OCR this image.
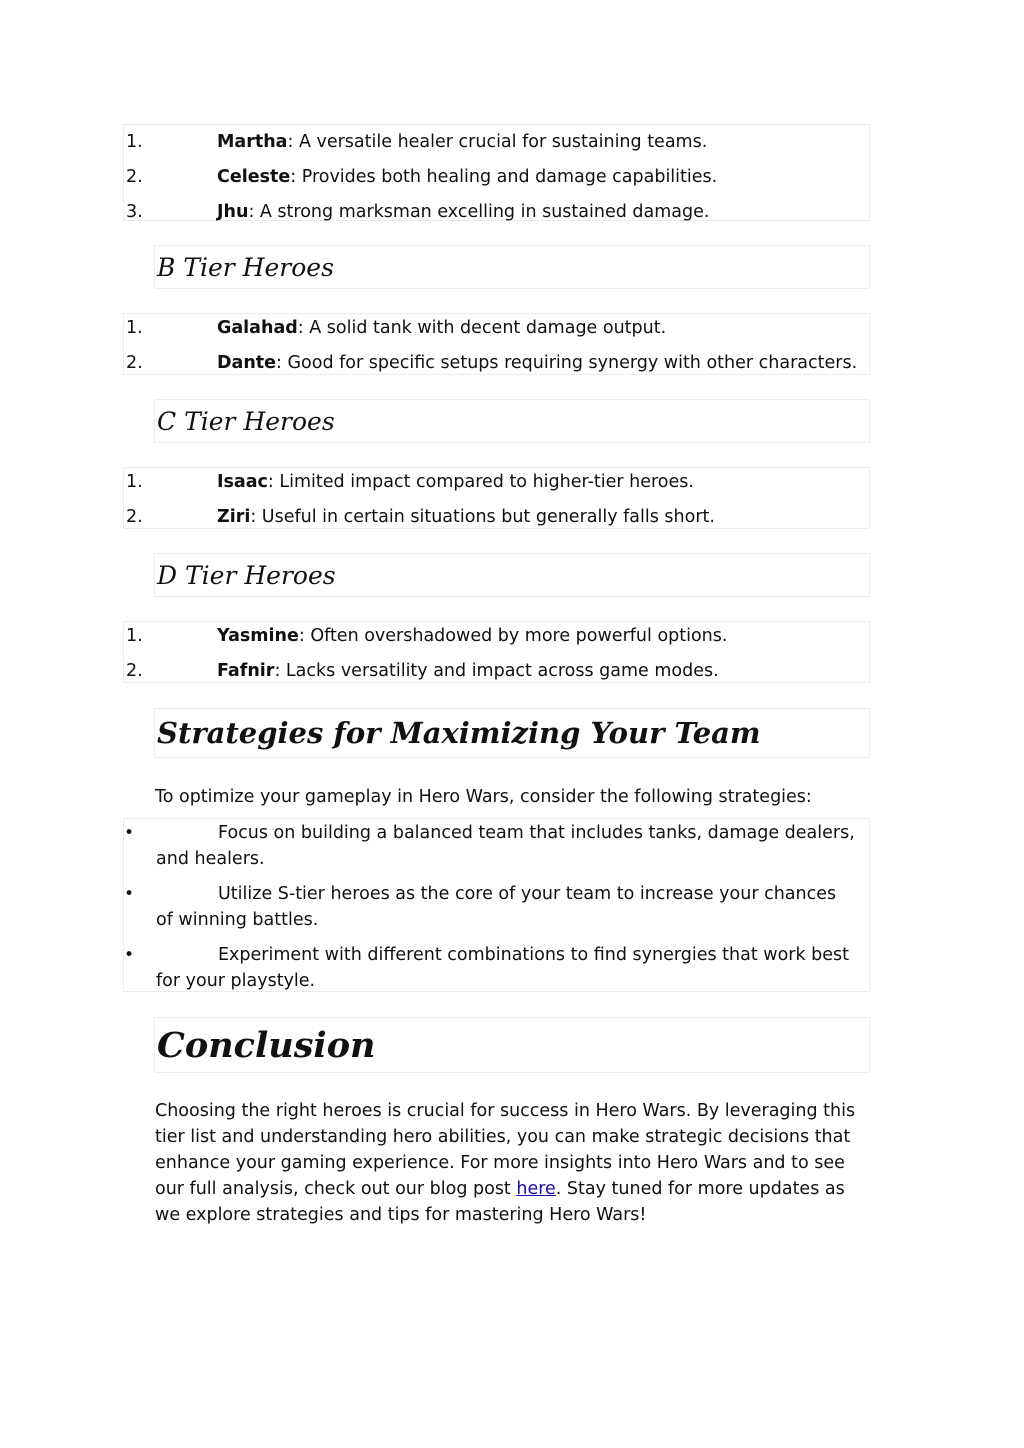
1.	Martha: A versatile healer crucial for sustaining teams.
2.	Celeste: Provides both healing and damage capabilities.
3.	Jhu: A strong marksman excelling in sustained damage.
B Tier Heroes
1.	Galahad: A solid tank with decent damage output.
2.	Dante: Good for specific setups requiring synergy with other characters.
C Tier Heroes
1.	Isaac: Limited impact compared to higher-tier heroes.
2.	Ziri: Useful in certain situations but generally falls short.
D Tier Heroes
1.	Yasmine: Often overshadowed by more powerful options.
2.	Fafnir: Lacks versatility and impact across game modes.
Strategies for Maximizing Your Team
To optimize your gameplay in Hero Wars, consider the following strategies:
•	Focus on building a balanced team that includes tanks, damage dealers, and healers.
•	Utilize S-tier heroes as the core of your team to increase your chances of winning battles.
•	Experiment with different combinations to find synergies that work best for your playstyle.
Conclusion
Choosing the right heroes is crucial for success in Hero Wars. By leveraging this tier list and understanding hero abilities, you can make strategic decisions that enhance your gaming experience. For more insights into Hero Wars and to see our full analysis, check out our blog post here. Stay tuned for more updates as we explore strategies and tips for mastering Hero Wars!
